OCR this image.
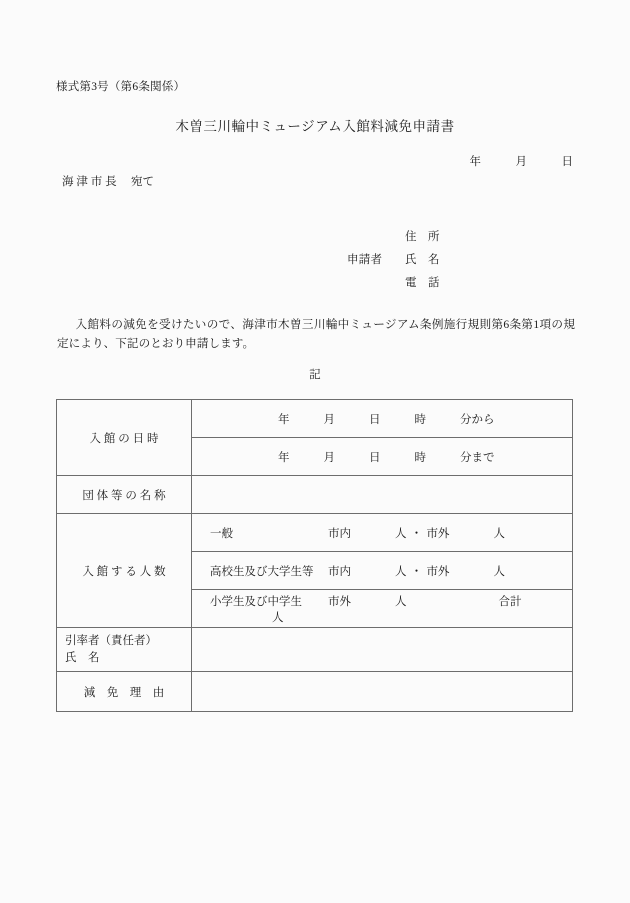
様式第3号（第6条関係）
木曽三川輪中ミュージアム入館料減免申請書
年　　　月　　　日
海 津 市 長 　宛て

住　所
申請者	氏　名

電　話
入館料の減免を受けたいので、海津市木曽三川輪中ミュージアム条例施行規則第6条第1項の規定により、下記のとおり申請します。
記
入 館 の 日 時	年 月 日 時 分から

	年 月 日 時 分まで

団 体 等 の 名 称	
入 館 す る 人 数	一般 市内 人 ・ 市外 人

	高校生及び大学生等 市内 人 ・ 市外 人

	小学生及び中学生 市外 人 合計人

引率者（責任者）
氏　名	

減　免　理　由	
